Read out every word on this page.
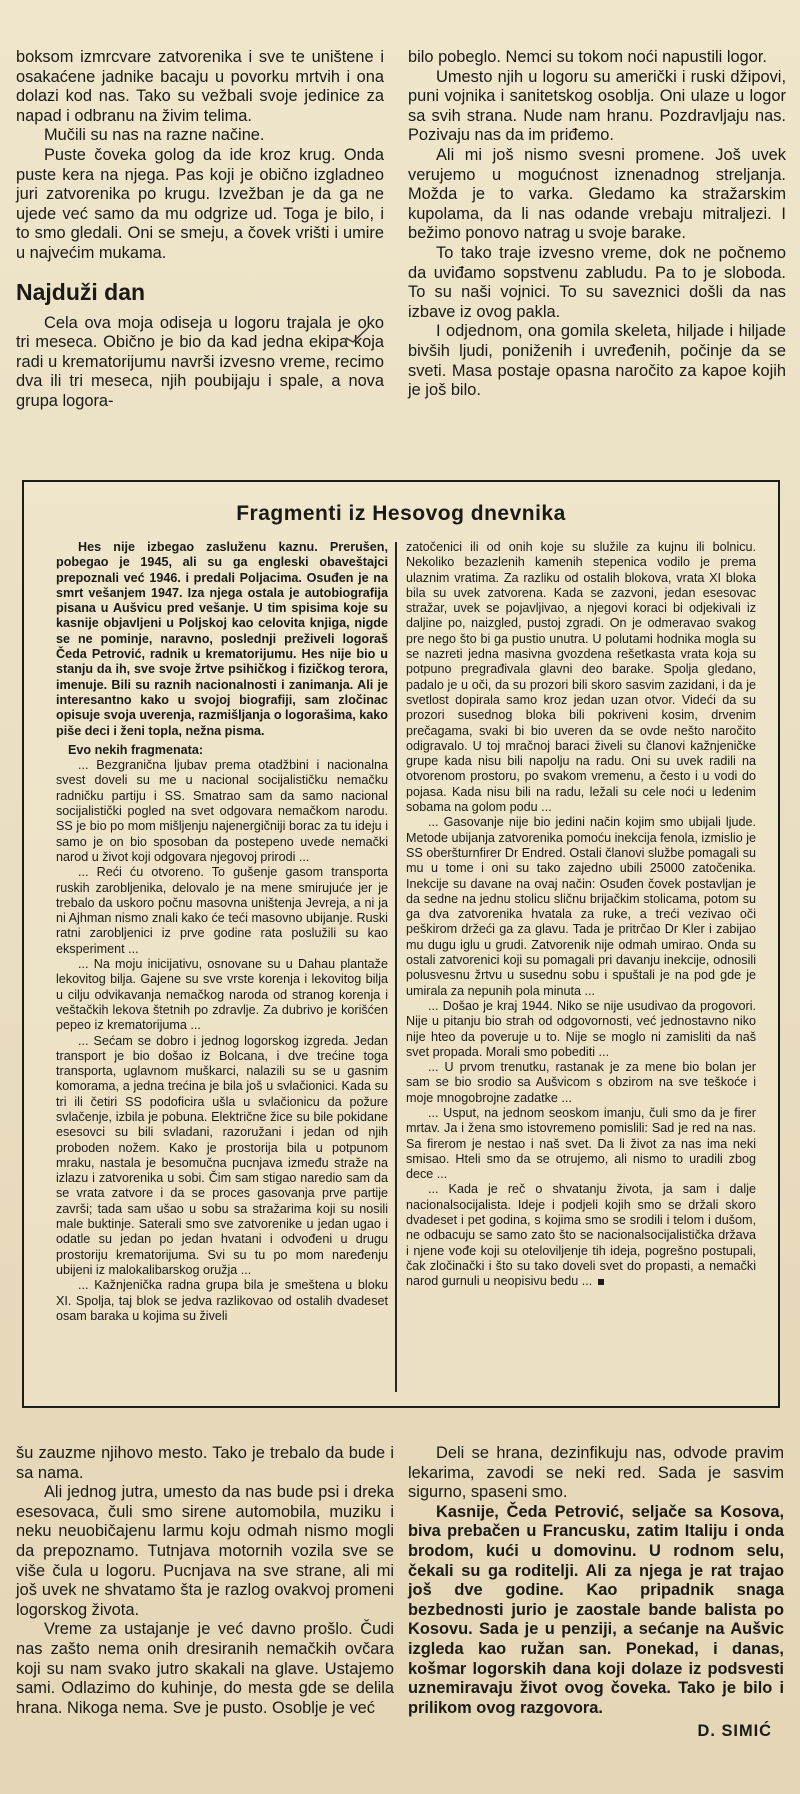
boksom izmrcvare zatvorenika i sve te uništene i osakaćene jadnike bacaju u povorku mrtvih i ona dolazi kod nas. Tako su vežbali svoje jedinice za napad i odbranu na živim telima.

Mučili su nas na razne načine.

Puste čoveka golog da ide kroz krug. Onda puste kera na njega. Pas koji je obično izgladneo juri zatvorenika po krugu. Izvežban je da ga ne ujede već samo da mu odgrize ud. Toga je bilo, i to smo gledali. Oni se smeju, a čovek vrišti i umire u najvećim mukama.

Najduži dan

Cela ova moja odiseja u logoru trajala je oko tri meseca. Obično je bio da kad jedna ekipa koja radi u krematorijumu navrši izvesno vreme, recimo dva ili tri meseca, njih poubijaju i spale, a nova grupa logora-

bilo pobeglo. Nemci su tokom noći napustili logor.

Umesto njih u logoru su američki i ruski džipovi, puni vojnika i sanitetskog osoblja. Oni ulaze u logor sa svih strana. Nude nam hranu. Pozdravljaju nas. Pozivaju nas da im priđemo.

Ali mi još nismo svesni promene. Još uvek verujemo u mogućnost iznenadnog streljanja. Možda je to varka. Gledamo ka stražarskim kupolama, da li nas odande vrebaju mitraljezi. I bežimo ponovo natrag u svoje barake.

To tako traje izvesno vreme, dok ne počnemo da uviđamo sopstvenu zabludu. Pa to je sloboda. To su naši vojnici. To su saveznici došli da nas izbave iz ovog pakla.

I odjednom, ona gomila skeleta, hiljade i hiljade bivših ljudi, poniženih i uvređenih, počinje da se sveti. Masa postaje opasna naročito za kapoe kojih je još bilo.

Fragmenti iz Hesovog dnevnika

Hes nije izbegao zasluženu kaznu. Prerušen, pobegao je 1945, ali su ga engleski obaveštajci prepoznali već 1946. i predali Poljacima. Osuđen je na smrt vešanjem 1947. Iza njega ostala je autobiografija pisana u Aušvicu pred vešanje. U tim spisima koje su kasnije objavljeni u Poljskoj kao celovita knjiga, nigde se ne pominje, naravno, poslednji preživeli logoraš Čeda Petrović, radnik u krematorijumu. Hes nije bio u stanju da ih, sve svoje žrtve psihičkog i fizičkog terora, imenuje. Bili su raznih nacionalnosti i zanimanja. Ali je interesantno kako u svojoj biografiji, sam zločinac opisuje svoja uverenja, razmišljanja o logorašima, kako piše deci i ženi topla, nežna pisma.

Evo nekih fragmenata:

... Bezgranična ljubav prema otadžbini i nacionalna svest doveli su me u nacional socijalističku nemačku radničku partiju i SS. Smatrao sam da samo nacional socijalistički pogled na svet odgovara nemačkom narodu. SS je bio po mom mišljenju najenergičniji borac za tu ideju i samo je on bio sposoban da postepeno uvede nemački narod u život koji odgovara njegovoj prirodi ...

... Reći ću otvoreno. To gušenje gasom transporta ruskih zarobljenika, delovalo je na mene smirujuće jer je trebalo da uskoro počnu masovna uništenja Jevreja, a ni ja ni Ajhman nismo znali kako će teći masovno ubijanje. Ruski ratni zarobljenici iz prve godine rata poslužili su kao eksperiment ...

... Na moju inicijativu, osnovane su u Dahau plantaže lekovitog bilja. Gajene su sve vrste korenja i lekovitog bilja u cilju odvikavanja nemačkog naroda od stranog korenja i veštačkih lekova štetnih po zdravlje. Za dubrivo je korišćen pepeo iz krematorijuma ...

... Sećam se dobro i jednog logorskog izgreda. Jedan transport je bio došao iz Bolcana, i dve trećine toga transporta, uglavnom muškarci, nalazili su se u gasnim komorama, a jedna trećina je bila još u svlačionici. Kada su tri ili četiri SS podoficira ušla u svlačionicu da požure svlačenje, izbila je pobuna. Električne žice su bile pokidane esesovci su bili svladani, razoružani i jedan od njih proboden nožem. Kako je prostorija bila u potpunom mraku, nastala je besomučna pucnjava između straže na izlazu i zatvorenika u sobi. Čim sam stigao naredio sam da se vrata zatvore i da se proces gasovanja prve partije završi; tada sam ušao u sobu sa stražarima koji su nosili male buktinje. Saterali smo sve zatvorenike u jedan ugao i odatle su jedan po jedan hvatani i odvođeni u drugu prostoriju krematorijuma. Svi su tu po mom naređenju ubijeni iz malokalibarskog oružja ...

... Kažnjenička radna grupa bila je smeštena u bloku XI. Spolja, taj blok se jedva razlikovao od ostalih dvadeset osam baraka u kojima su živeli

zatočenici ili od onih koje su služile za kujnu ili bolnicu. Nekoliko bezazlenih kamenih stepenica vodilo je prema ulaznim vratima. Za razliku od ostalih blokova, vrata XI bloka bila su uvek zatvorena. Kada se zazvoni, jedan esesovac stražar, uvek se pojavljivao, a njegovi koraci bi odjekivali iz daljine po, naizgled, pustoj zgradi. On je odmeravao svakog pre nego što bi ga pustio unutra. U polutami hodnika mogla su se nazreti jedna masivna gvozdena rešetkasta vrata koja su potpuno pregrađivala glavni deo barake. Spolja gledano, padalo je u oči, da su prozori bili skoro sasvim zazidani, i da je svetlost dopirala samo kroz jedan uzan otvor. Videći da su prozori susednog bloka bili pokriveni kosim, drvenim prečagama, svaki bi bio uveren da se ovde nešto naročito odigravalo. U tој mračnoj baraci živeli su članovi kažnjeničke grupe kada nisu bili napolju na radu. Oni su uvek radili na otvorenom prostoru, po svakom vremenu, a često i u vodi do pojasa. Kada nisu bili na radu, ležali su cele noći u ledenim sobama na golom podu ...

... Gasovanje nije bio jedini način kojim smo ubijali ljude. Metode ubijanja zatvorenika pomoću inekcija fenola, izmislio je SS oberšturnfirer Dr Endred. Ostali članovi službe pomagali su mu u tome i oni su tako zajedno ubili 25000 zatočenika. Inekcije su davane na ovaj način: Osuđen čovek postavljan je da sedne na jednu stolicu sličnu brijačkim stolicama, potom su ga dva zatvorenika hvatala za ruke, a treći vezivao oči peškirom držeći ga za glavu. Tada je pritrčao Dr Kler i zabijao mu dugu iglu u grudi. Zatvorenik nije odmah umirao. Onda su ostali zatvorenici koji su pomagali pri davanju inekcije, odnosili polusvesnu žrtvu u susednu sobu i spuštali je na pod gde je umirala za nepunih pola minuta ...

... Došao je kraj 1944. Niko se nije usudivao da progovori. Nije u pitanju bio strah od odgovornosti, već jednostavno niko nije hteo da poveruje u to. Nije se moglo ni zamisliti da naš svet propada. Morali smo pobediti ...

... U prvom trenutku, rastanak je za mene bio bolan jer sam se bio srodio sa Aušvicom s obzirom na sve teškoće i moje mnogobrojne zadatke ...

... Usput, na jednom seoskom imanju, čuli smo da je firer mrtav. Ja i žena smo istovremeno pomislili: Sad je red na nas. Sa firerom je nestao i naš svet. Da li život za nas ima neki smisao. Hteli smo da se otrujemo, ali nismo to uradili zbog dece ...

... Kada je reč o shvatanju života, ja sam i dalje nacionalsocijalista. Ideje i podjeli kojih smo se držali skoro dvadeset i pet godina, s kojima smo se srodili i telom i dušom, ne odbacuju se samo zato što se nacionalsocijalistička država i njene vođe koji su oteloviljenje tih ideja, pogrešno postupali, čak zločinački i što su tako doveli svet do propasti, a nemački narod gurnuli u neopisivu bedu ...

šu zauzme njihovo mesto. Tako je trebalo da bude i sa nama.

Ali jednog jutra, umesto da nas bude psi i dreka esesovaca, čuli smo sirene automobila, muziku i neku neuobičajenu larmu koju odmah nismo mogli da prepoznamo. Tutnjava motornih vozila sve se više čula u logoru. Pucnjava na sve strane, ali mi još uvek ne shvatamo šta je razlog ovakvoj promeni logorskog života.

Vreme za ustajanje je već davno prošlo. Čudi nas zašto nema onih dresiranih nemačkih ovčara koji su nam svako jutro skakali na glave. Ustajemo sami. Odlazimo do kuhinje, do mesta gde se delila hrana. Nikoga nema. Sve je pusto. Osoblje je već

Deli se hrana, dezinfikuju nas, odvode pravim lekarima, zavodi se neki red. Sada je sasvim sigurno, spaseni smo.

Kasnije, Čeda Petrović, seljače sa Kosova, biva prebačen u Francusku, zatim Italiju i onda brodom, kući u domovinu. U rodnom selu, čekali su ga roditelji. Ali za njega je rat trajao još dve godine. Kao pripadnik snaga bezbednosti jurio je zaostale bande balista po Kosovu. Sada je u penziji, a sećanje na Aušvic izgleda kao ružan san. Ponekad, i danas, košmar logorskih dana koji dolaze iz podsvesti uznemiravaju život ovog čoveka. Tako je bilo i prilikom ovog razgovora.

D. SIMIĆ
